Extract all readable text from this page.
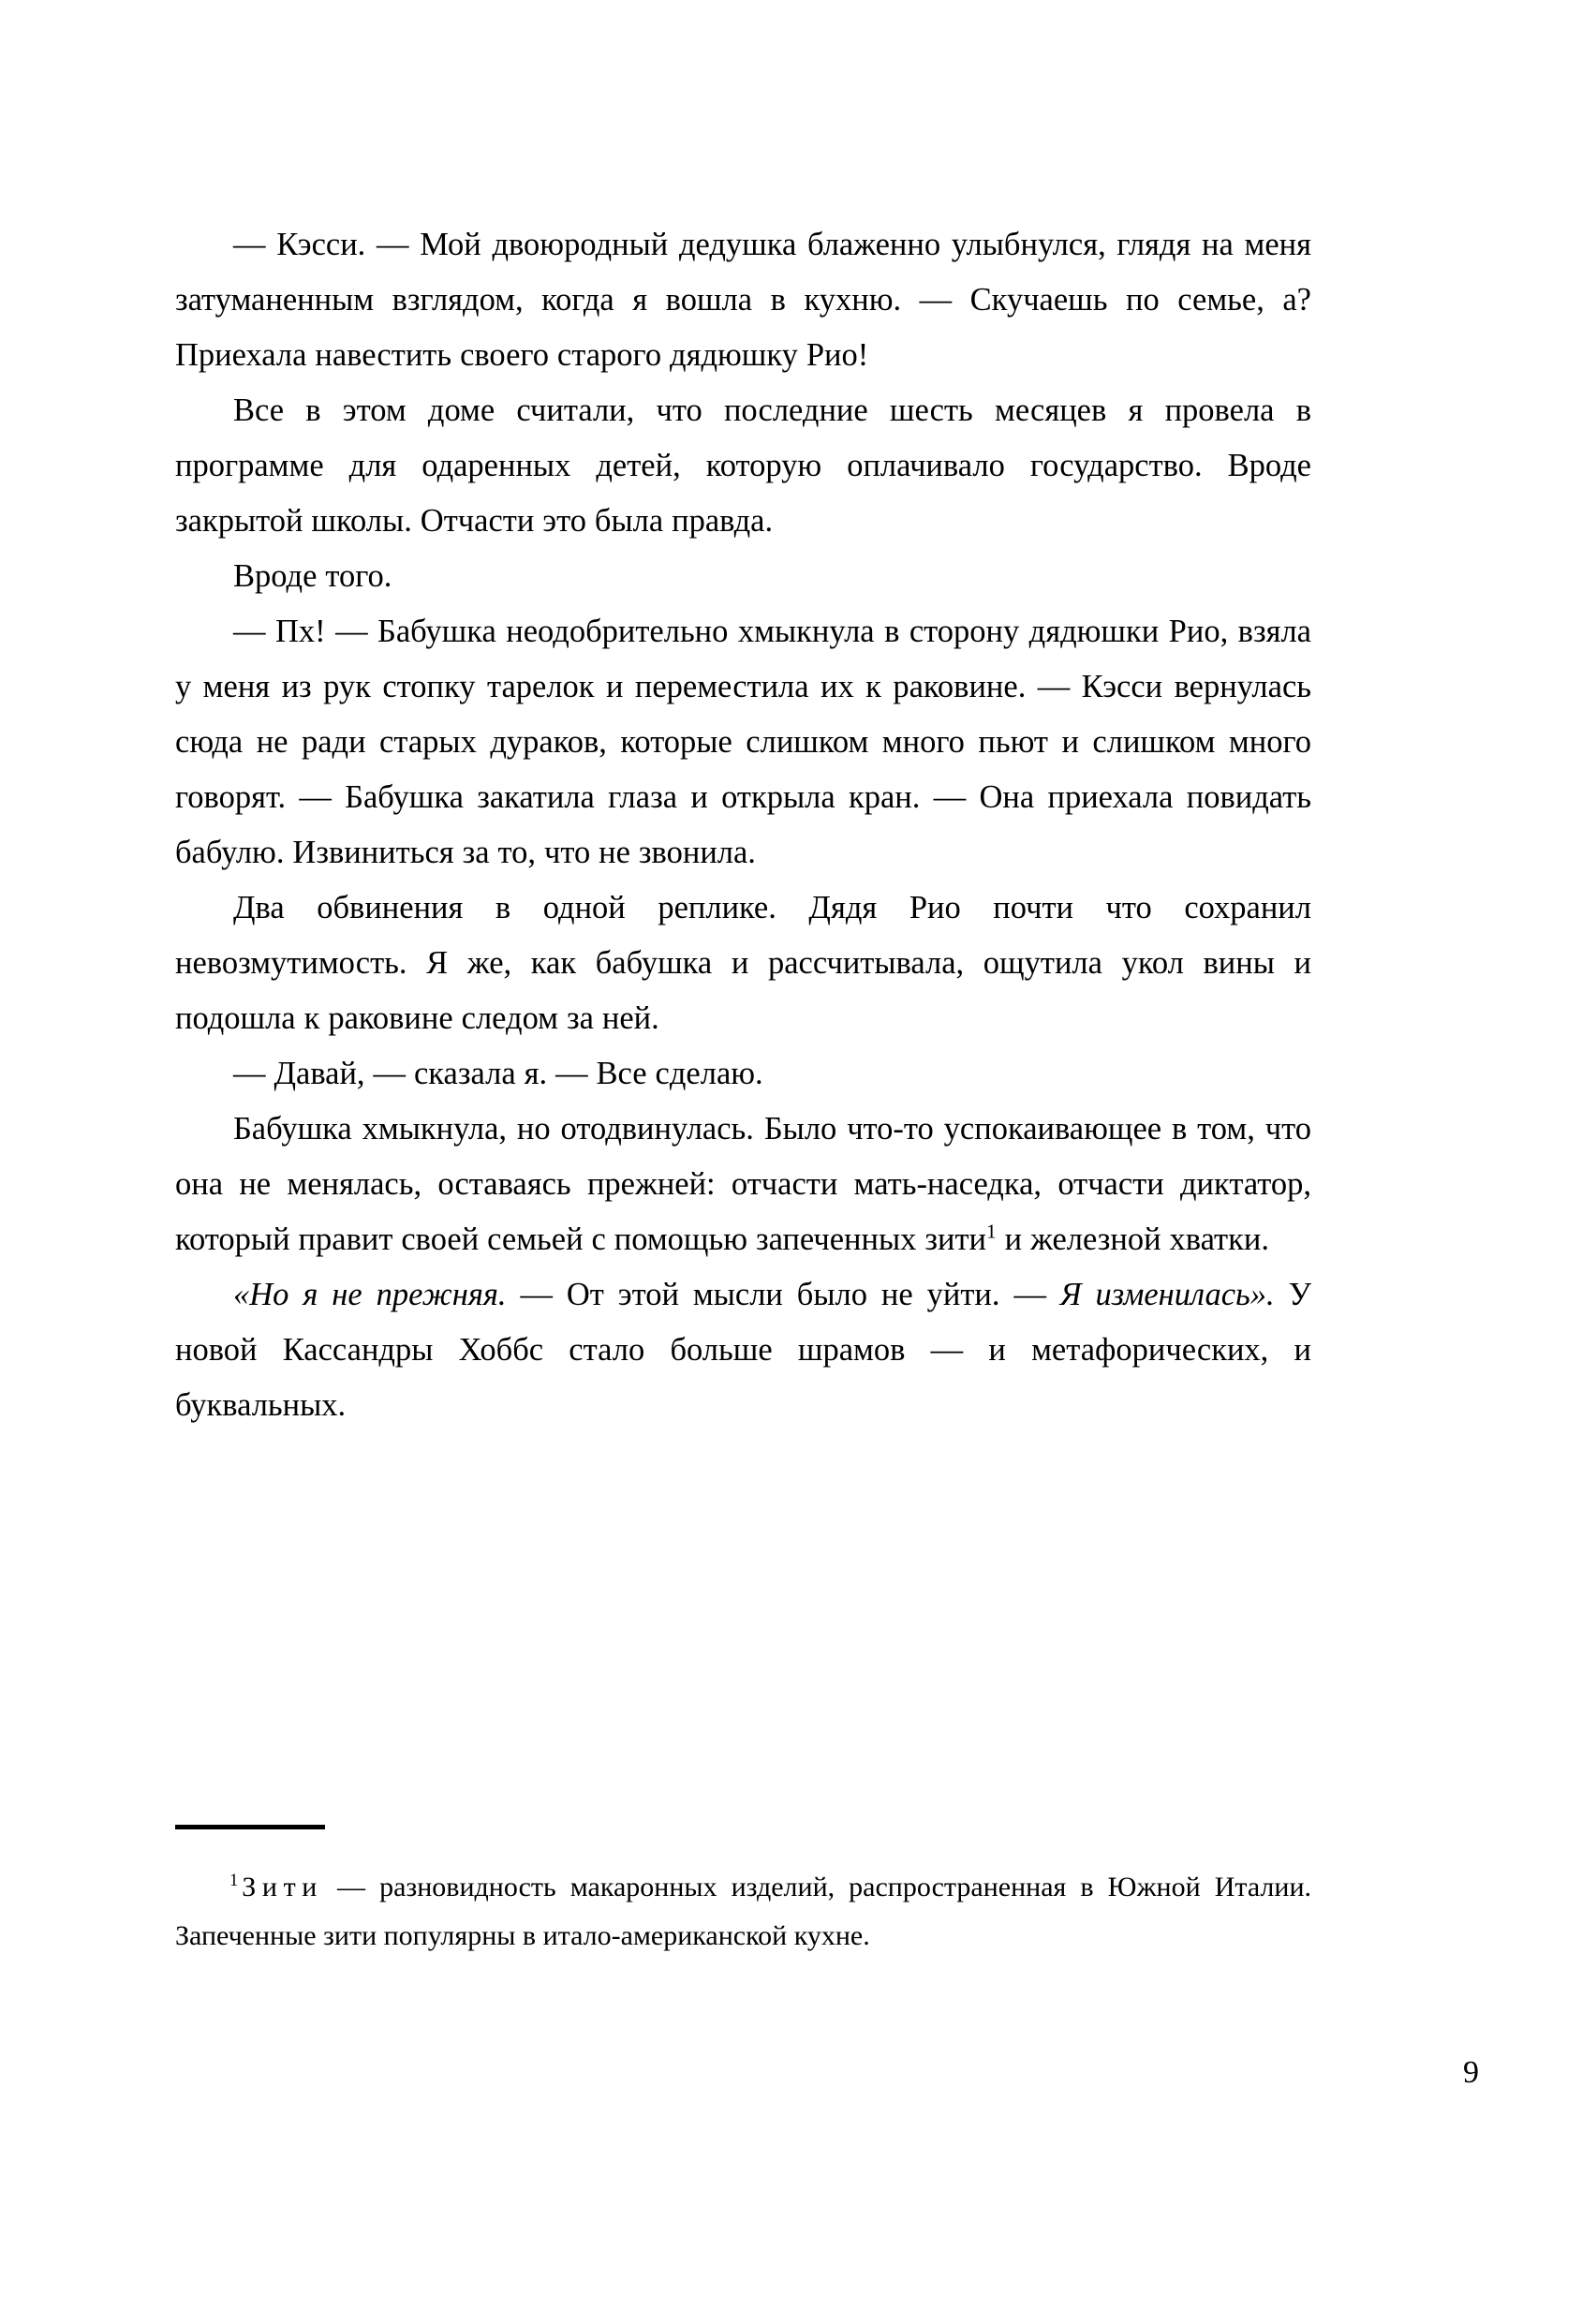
— Кэсси. — Мой двоюродный дедушка блаженно улыбнулся, глядя на меня затуманенным взглядом, когда я вошла в кухню. — Скучаешь по семье, а? Приехала навестить своего старого дядюшку Рио!

Все в этом доме считали, что последние шесть месяцев я провела в программе для одаренных детей, которую оплачивало государство. Вроде закрытой школы. Отчасти это была правда.

Вроде того.

— Пх! — Бабушка неодобрительно хмыкнула в сторону дядюшки Рио, взяла у меня из рук стопку тарелок и переместила их к раковине. — Кэсси вернулась сюда не ради старых дураков, которые слишком много пьют и слишком много говорят. — Бабушка закатила глаза и открыла кран. — Она приехала повидать бабулю. Извиниться за то, что не звонила.

Два обвинения в одной реплике. Дядя Рио почти что сохранил невозмутимость. Я же, как бабушка и рассчитывала, ощутила укол вины и подошла к раковине следом за ней.

— Давай, — сказала я. — Все сделаю.

Бабушка хмыкнула, но отодвинулась. Было что-то успокаивающее в том, что она не менялась, оставаясь прежней: отчасти мать-наседка, отчасти диктатор, который правит своей семьей с помощью запеченных зити$^1$ и железной хватки.

«Но я не прежняя. — От этой мысли было не уйти. — Я изменилась». У новой Кассандры Хоббс стало больше шрамов — и метафорических, и буквальных.

$^1$ Зити — разновидность макаронных изделий, распространенная в Южной Италии. Запеченные зити популярны в итало-американской кухне.

9
